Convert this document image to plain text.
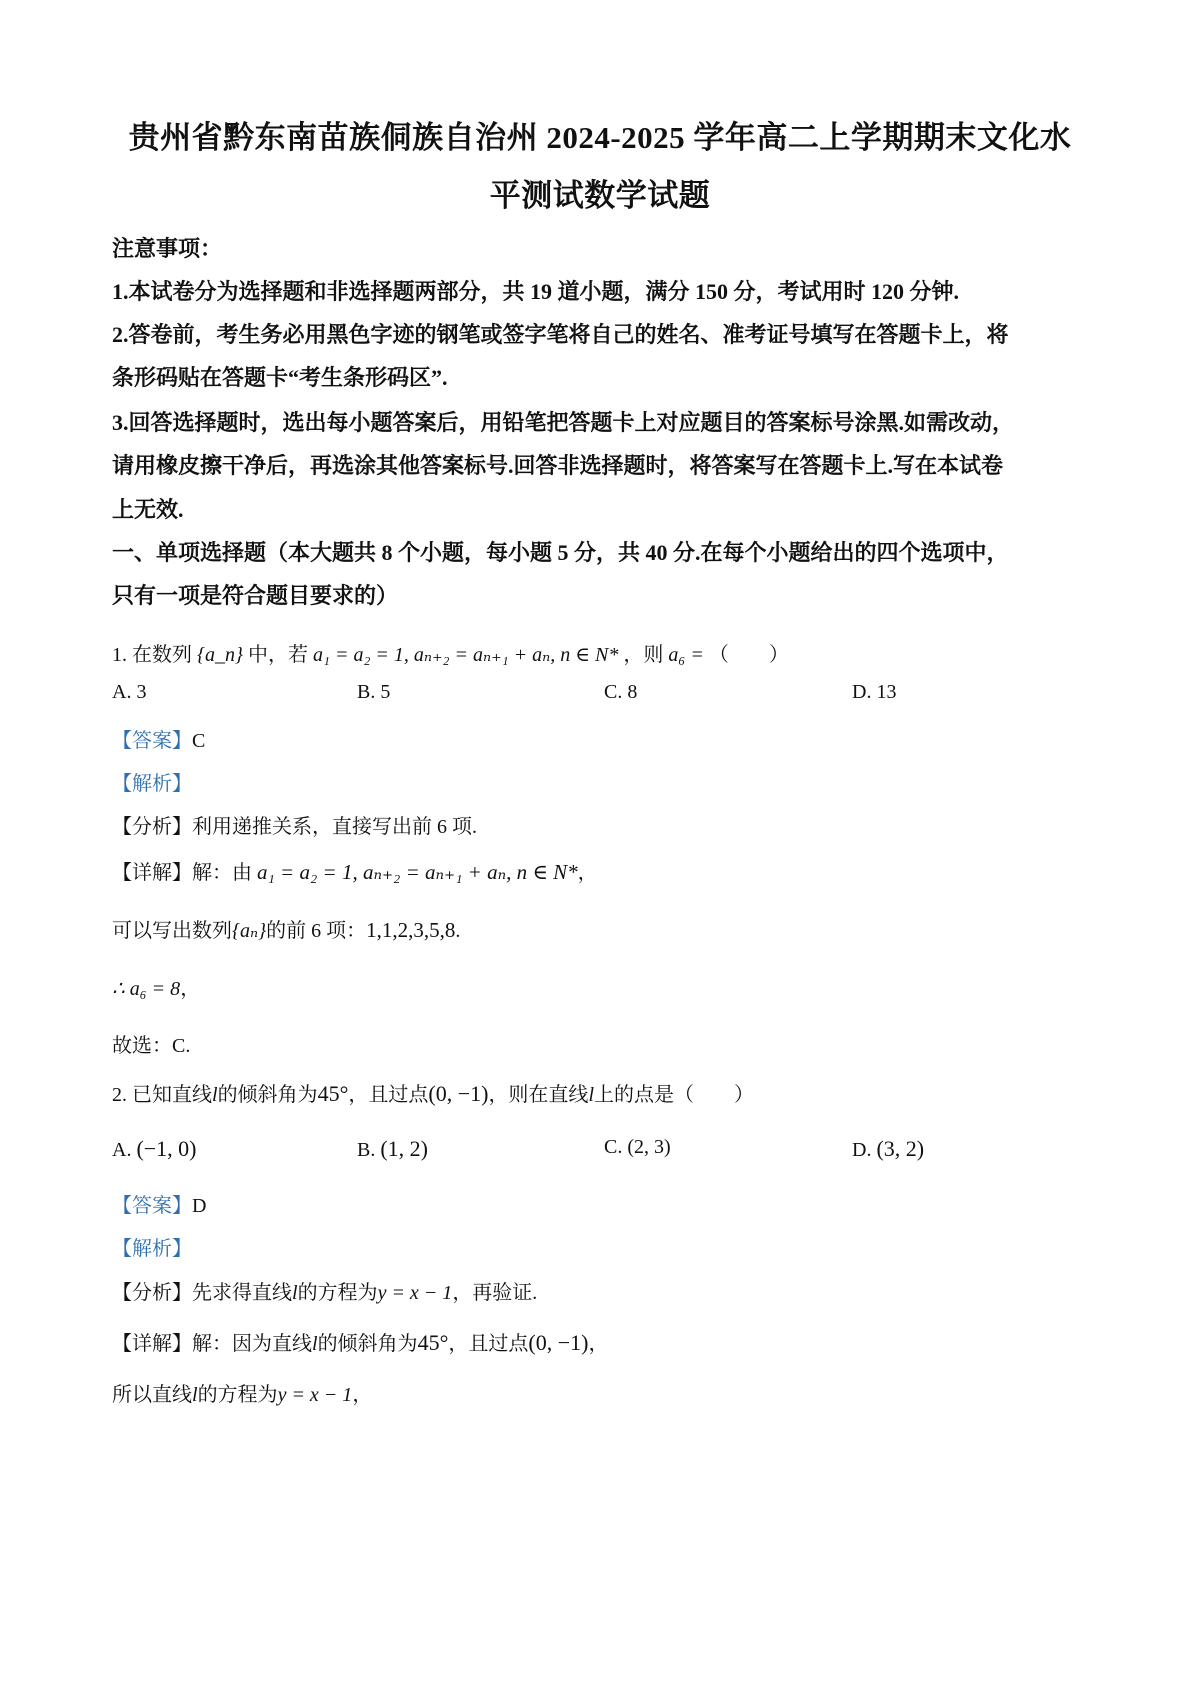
贵州省黔东南苗族侗族自治州 2024-2025 学年高二上学期期末文化水
平测试数学试题
注意事项：
1.本试卷分为选择题和非选择题两部分，共 19 道小题，满分 150 分，考试用时 120 分钟.
2.答卷前，考生务必用黑色字迹的钢笔或签字笔将自己的姓名、准考证号填写在答题卡上，将
条形码贴在答题卡“考生条形码区”.
3.回答选择题时，选出每小题答案后，用铅笔把答题卡上对应题目的答案标号涂黑.如需改动，
请用橡皮擦干净后，再选涂其他答案标号.回答非选择题时，将答案写在答题卡上.写在本试卷
上无效.
一、单项选择题（本大题共 8 个小题，每小题 5 分，共 40 分.在每个小题给出的四个选项中，
只有一项是符合题目要求的）
1. 在数列 {a_n} 中，若 a₁ = a₂ = 1, aₙ₊₂ = aₙ₊₁ + aₙ, n ∈ N* ，则 a₆ = （　　）
A. 3	B. 5	C. 8	D. 13
【答案】C
【解析】
【分析】利用递推关系，直接写出前 6 项.
【详解】解：由 a₁ = a₂ = 1, aₙ₊₂ = aₙ₊₁ + aₙ, n ∈ N*，
可以写出数列{aₙ}的前 6 项：1,1,2,3,5,8.
∴ a₆ = 8，
故选：C.
2. 已知直线l的倾斜角为45°，且过点(0, −1)，则在直线l上的点是（　　）
A. (−1, 0)	B. (1, 2)	C. (2, 3)	D. (3, 2)
【答案】D
【解析】
【分析】先求得直线l的方程为y = x − 1，再验证.
【详解】解：因为直线l的倾斜角为45°，且过点(0, −1)，
所以直线l的方程为y = x − 1，
